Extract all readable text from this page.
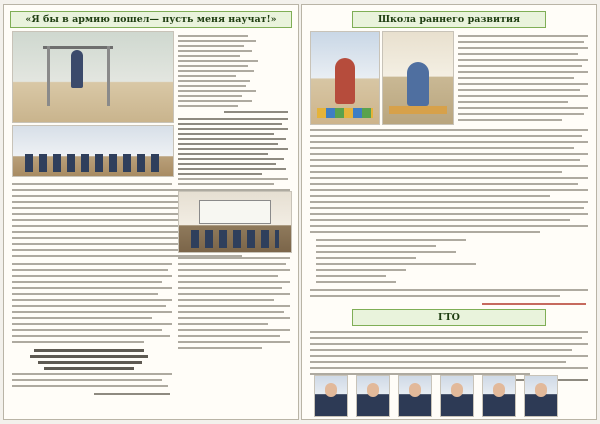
«Я бы в армию пошел— пусть меня научат!»	Школа раннего развития
ГТО
